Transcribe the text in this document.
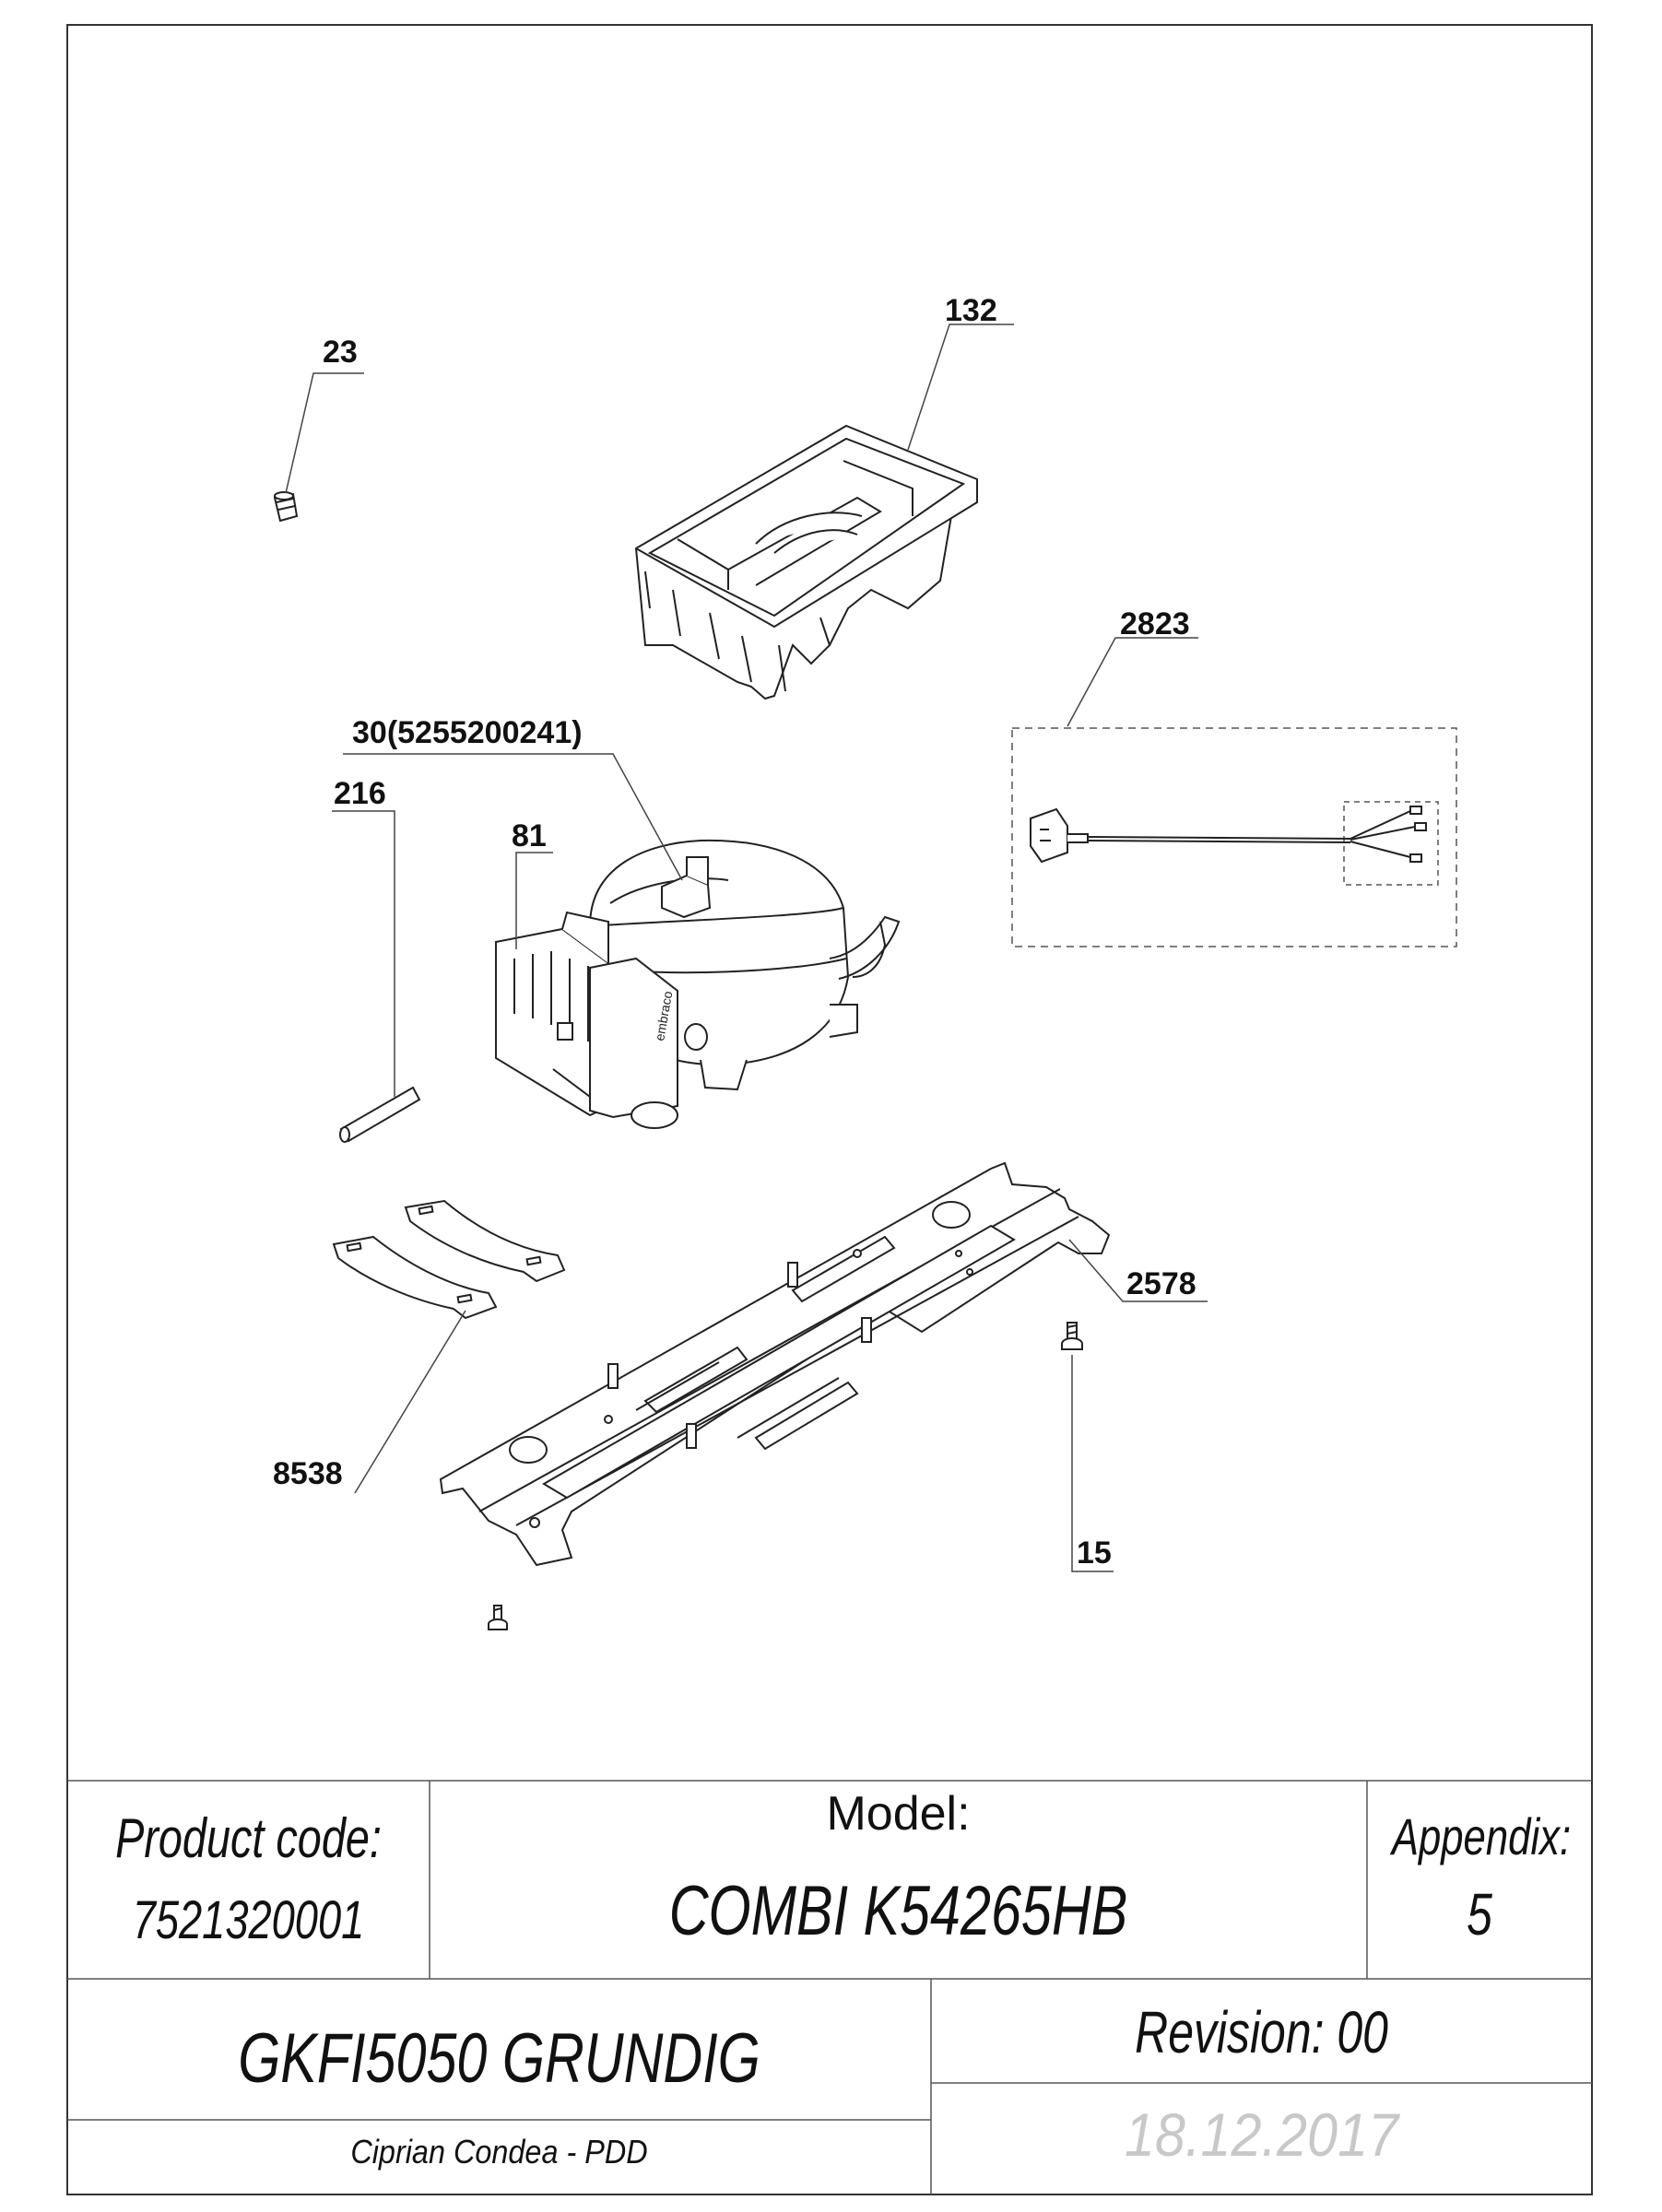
23
132
2823
embraco
30(5255200241)
81
216
8538
2578
15
Product code:
7521320001
Model:
COMBI K54265HB
Appendix:
5
GKFI5050 GRUNDIG	Revision: 00
Ciprian Condea - PDD	18.12.2017
